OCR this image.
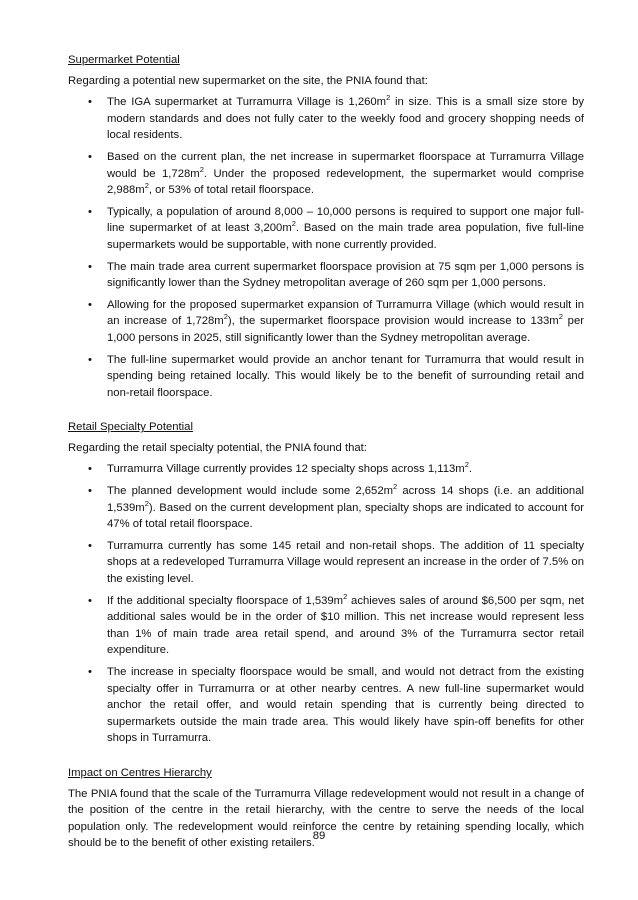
Supermarket Potential
Regarding a potential new supermarket on the site, the PNIA found that:
• The IGA supermarket at Turramurra Village is $1,260m^2$ in size. This is a small size store by modern standards and does not fully cater to the weekly food and grocery shopping needs of local residents.
• Based on the current plan, the net increase in supermarket floorspace at Turramurra Village would be $1,728m^2$. Under the proposed redevelopment, the supermarket would comprise $2,988m^2$, or 53% of total retail floorspace.
• Typically, a population of around 8,000 – 10,000 persons is required to support one major full-line supermarket of at least $3,200m^2$. Based on the main trade area population, five full-line supermarkets would be supportable, with none currently provided.
• The main trade area current supermarket floorspace provision at 75 sqm per 1,000 persons is significantly lower than the Sydney metropolitan average of 260 sqm per 1,000 persons.
• Allowing for the proposed supermarket expansion of Turramurra Village (which would result in an increase of $1,728m^2$), the supermarket floorspace provision would increase to $133m^2$ per 1,000 persons in 2025, still significantly lower than the Sydney metropolitan average.
• The full-line supermarket would provide an anchor tenant for Turramurra that would result in spending being retained locally. This would likely be to the benefit of surrounding retail and non-retail floorspace.
Retail Specialty Potential
Regarding the retail specialty potential, the PNIA found that:
• Turramurra Village currently provides 12 specialty shops across $1,113m^2$.
• The planned development would include some $2,652m^2$ across 14 shops (i.e. an additional $1,539m^2$). Based on the current development plan, specialty shops are indicated to account for 47% of total retail floorspace.
• Turramurra currently has some 145 retail and non-retail shops. The addition of 11 specialty shops at a redeveloped Turramurra Village would represent an increase in the order of 7.5% on the existing level.
• If the additional specialty floorspace of $1,539m^2$ achieves sales of around $6,500 per sqm, net additional sales would be in the order of $10 million. This net increase would represent less than 1% of main trade area retail spend, and around 3% of the Turramurra sector retail expenditure.
• The increase in specialty floorspace would be small, and would not detract from the existing specialty offer in Turramurra or at other nearby centres. A new full-line supermarket would anchor the retail offer, and would retain spending that is currently being directed to supermarkets outside the main trade area. This would likely have spin-off benefits for other shops in Turramurra.
Impact on Centres Hierarchy

The PNIA found that the scale of the Turramurra Village redevelopment would not result in a change of the position of the centre in the retail hierarchy, with the centre to serve the needs of the local population only. The redevelopment would reinforce the centre by retaining spending locally, which should be to the benefit of other existing retailers.

89
